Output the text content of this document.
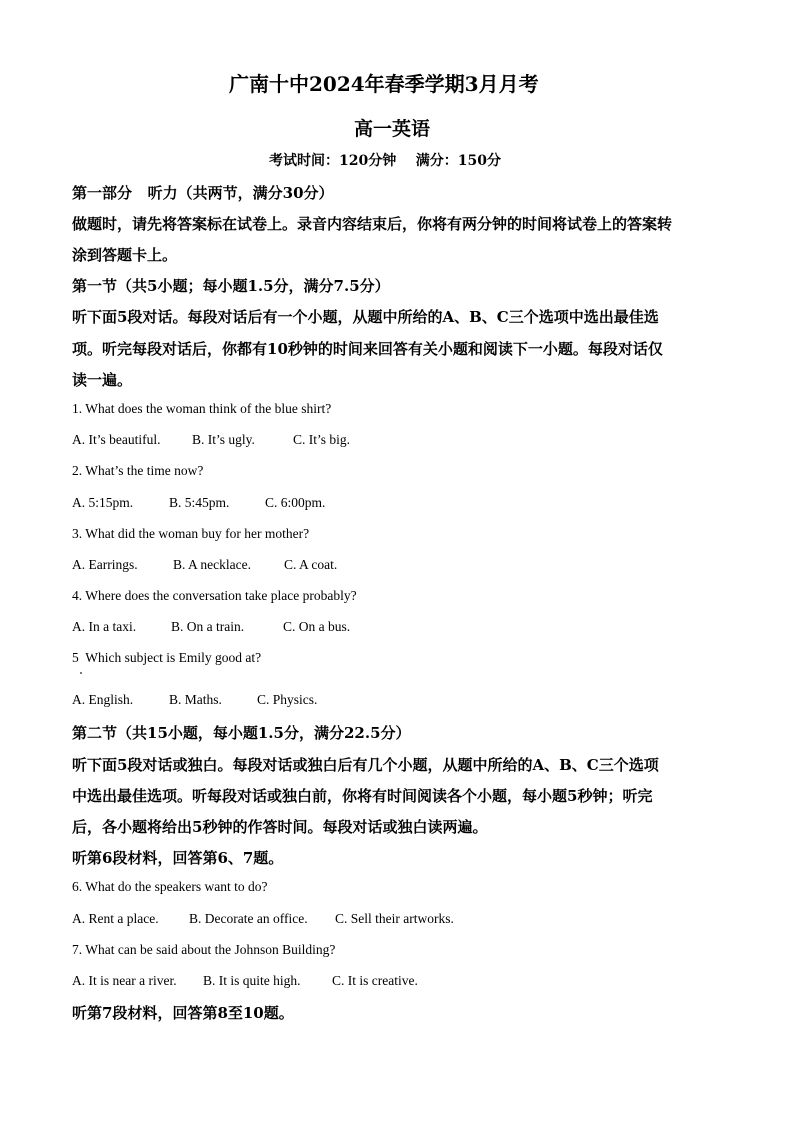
广南十中2024年春季学期3月月考
高一英语
考试时间：120分钟    满分：150分
第一部分   听力（共两节，满分30分）
做题时，请先将答案标在试卷上。录音内容结束后，你将有两分钟的时间将试卷上的答案转
涂到答题卡上。
第一节（共5小题；每小题1.5分，满分7.5分）
听下面5段对话。每段对话后有一个小题，从题中所给的A、B、C三个选项中选出最佳选
项。听完每段对话后，你都有10秒钟的时间来回答有关小题和阅读下一小题。每段对话仅
读一遍。
1. What does the woman think of the blue shirt?
A. It’s beautiful. B. It’s ugly.	C. It’s big.
2. What’s the time now?
A. 5:15pm.	B. 5:45pm.	C. 6:00pm.
3. What did the woman buy for her mother?
A. Earrings.	B. A necklace. C. A coat.
4. Where does the conversation take place probably?
A. In a taxi.	B. On a train.	C. On a bus.
5  Which subject is Emily good at?
A. English.	B. Maths.	C. Physics.
第二节（共15小题，每小题1.5分，满分22.5分）
听下面5段对话或独白。每段对话或独白后有几个小题，从题中所给的A、B、C三个选项
中选出最佳选项。听每段对话或独白前，你将有时间阅读各个小题，每小题5秒钟；听完
后，各小题将给出5秒钟的作答时间。每段对话或独白读两遍。
听第6段材料，回答第6、7题。
6. What do the speakers want to do?
A. Rent a place. B. Decorate an office. C. Sell their artworks.
7. What can be said about the Johnson Building?
A. It is near a river. B. It is quite high. C. It is creative.
听第7段材料，回答第8至10题。
